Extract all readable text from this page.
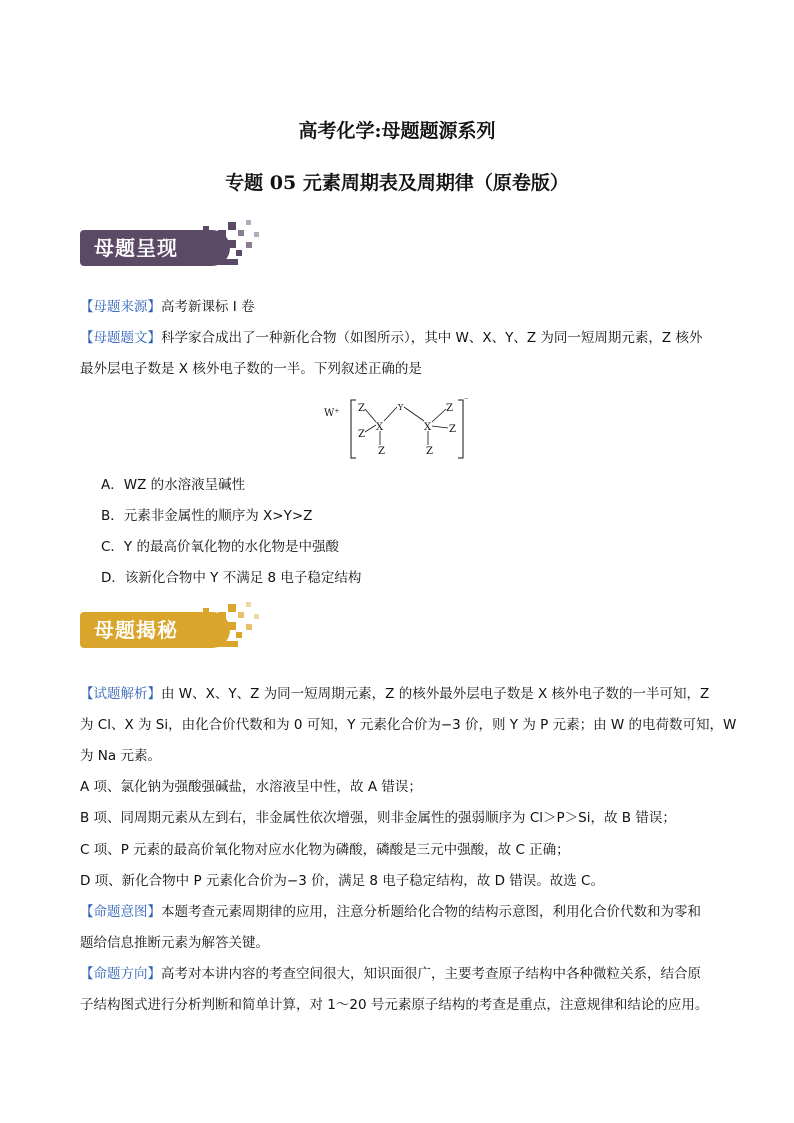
高考化学:母题题源系列
专题 05 元素周期表及周期律（原卷版）
母题呈现
【母题来源】高考新课标 I 卷
【母题题文】科学家合成出了一种新化合物（如图所示），其中 W、X、Y、Z 为同一短周期元素，Z 核外
最外层电子数是 X 核外电子数的一半。下列叙述正确的是
W⁺
⁻
X
Z
Z
Z
Y
X
Z
Z
Z
A．WZ 的水溶液呈碱性
B．元素非金属性的顺序为 X>Y>Z
C．Y 的最高价氧化物的水化物是中强酸
D．该新化合物中 Y 不满足 8 电子稳定结构
母题揭秘
【试题解析】由 W、X、Y、Z 为同一短周期元素，Z 的核外最外层电子数是 X 核外电子数的一半可知，Z
为 Cl、X 为 Si，由化合价代数和为 0 可知，Y 元素化合价为−3 价，则 Y 为 P 元素；由 W 的电荷数可知，W
为 Na 元素。
A 项、氯化钠为强酸强碱盐，水溶液呈中性，故 A 错误；
B 项、同周期元素从左到右，非金属性依次增强，则非金属性的强弱顺序为 Cl＞P＞Si，故 B 错误；
C 项、P 元素的最高价氧化物对应水化物为磷酸，磷酸是三元中强酸，故 C 正确；
D 项、新化合物中 P 元素化合价为−3 价，满足 8 电子稳定结构，故 D 错误。故选 C。
【命题意图】本题考查元素周期律的应用，注意分析题给化合物的结构示意图，利用化合价代数和为零和
题给信息推断元素为解答关键。
【命题方向】高考对本讲内容的考查空间很大，知识面很广，主要考查原子结构中各种微粒关系，结合原
子结构图式进行分析判断和简单计算，对 1～20 号元素原子结构的考查是重点，注意规律和结论的应用。
